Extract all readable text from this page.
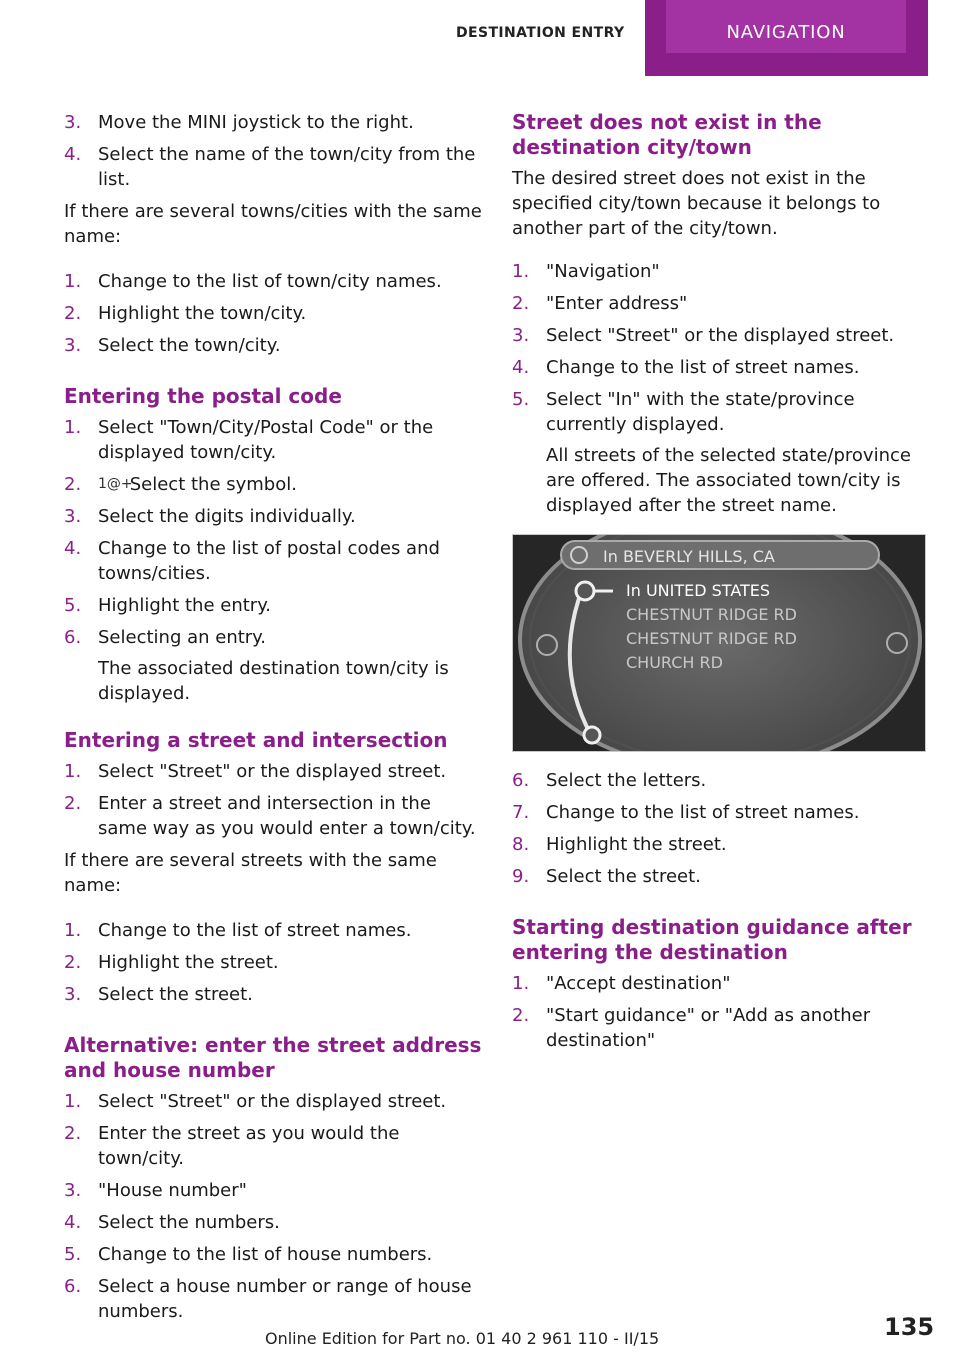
DESTINATION ENTRY	NAVIGATION
3. Move the MINI joystick to the right.
4. Select the name of the town/city from the list.

If there are several towns/cities with the same name:

1. Change to the list of town/city names.
2. Highlight the town/city.
3. Select the town/city.
Entering the postal code
1. Select "Town/City/Postal Code" or the displayed town/city.
2. 1@+ Select the symbol.
3. Select the digits individually.
4. Change to the list of postal codes and towns/cities.
5. Highlight the entry.
6. Selecting an entry.
The associated destination town/city is displayed.
Entering a street and intersection
1. Select "Street" or the displayed street.
2. Enter a street and intersection in the same way as you would enter a town/city.

If there are several streets with the same name:

1. Change to the list of street names.
2. Highlight the street.
3. Select the street.
Alternative: enter the street address and house number
1. Select "Street" or the displayed street.
2. Enter the street as you would the town/city.
3. "House number"
4. Select the numbers.
5. Change to the list of house numbers.
6. Select a house number or range of house numbers.
Street does not exist in the destination city/town

The desired street does not exist in the specified city/town because it belongs to another part of the city/town.

1. "Navigation"
2. "Enter address"
3. Select "Street" or the displayed street.
4. Change to the list of street names.
5. Select "In" with the state/province currently displayed.
All streets of the selected state/province are offered. The associated town/city is displayed after the street name.
In BEVERLY HILLS, CA
In UNITED STATES
CHESTNUT RIDGE RD
CHESTNUT RIDGE RD
CHURCH RD
6. Select the letters.
7. Change to the list of street names.
8. Highlight the street.
9. Select the street.
Starting destination guidance after entering the destination
1. "Accept destination"
2. "Start guidance" or "Add as another destination"
135
Online Edition for Part no. 01 40 2 961 110 - II/15
